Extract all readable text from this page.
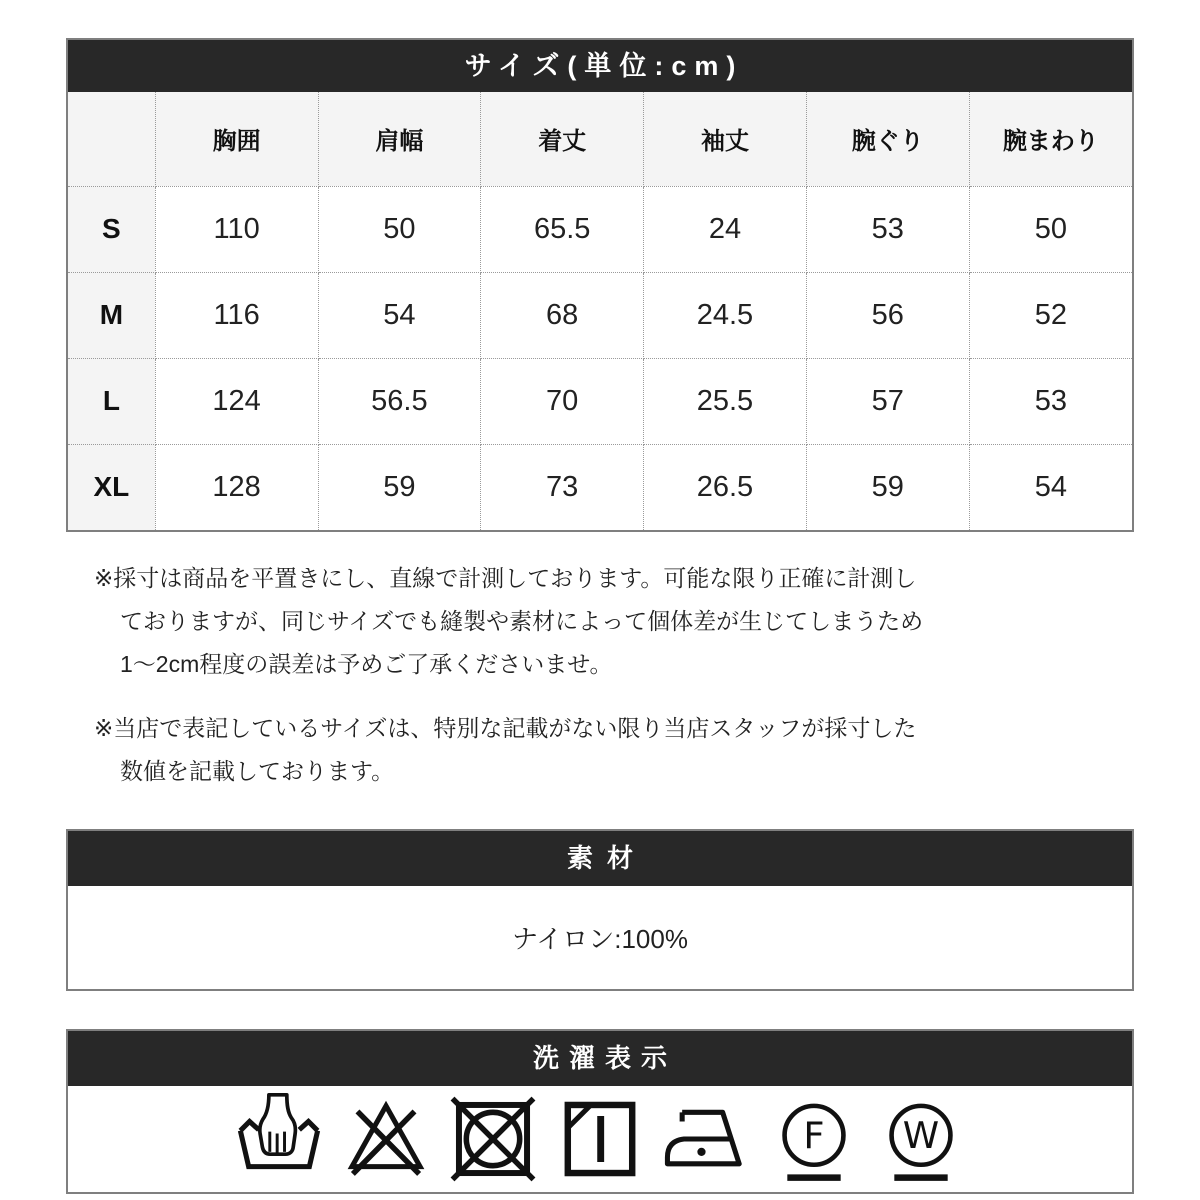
サイズ(単位:cm)
	胸囲	肩幅	着丈	袖丈	腕ぐり	腕まわり
S	110	50	65.5	24	53	50
M	116	54	68	24.5	56	52
L	124	56.5	70	25.5	57	53
XL	128	59	73	26.5	59	54
※採寸は商品を平置きにし、直線で計測しております。可能な限り正確に計測し
ておりますが、同じサイズでも縫製や素材によって個体差が生じてしまうため
1～2cm程度の誤差は予めご了承くださいませ。
※当店で表記しているサイズは、特別な記載がない限り当店スタッフが採寸した
数値を記載しております。
素材
ナイロン:100%
洗濯表示
F W
